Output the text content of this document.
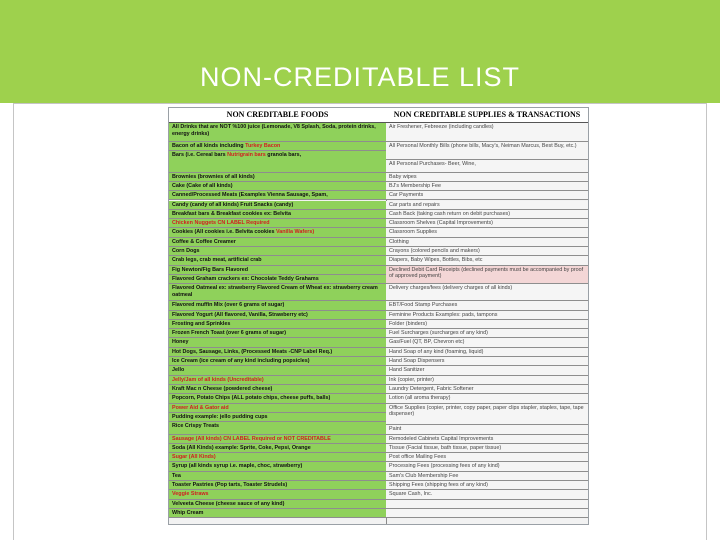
NON-CREDITABLE LIST
NON CREDITABLE FOODS
All Drinks that are NOT %100 juice (Lemonade, V8 Splash, Soda, protein drinks, energy drinks)
Bacon of all kinds including Turkey Bacon
Bars (i.e. Cereal bars Nutrigrain bars granola bars,
Brownies (brownies of all kinds)
Cake (Cake of all kinds)
Canned/Processed Meats (Examples Vienna Sausage, Spam,
Candy (candy of all kinds) Fruit Snacks (candy)
Breakfast bars & Breakfast cookies ex: Belvita
Chicken Nuggets CN LABEL Required
Cookies (All cookies i.e. Belvita cookies Vanilla Wafers)
Coffee & Coffee Creamer
Corn Dogs
Crab legs, crab meat, artificial crab
Fig Newton/Fig Bars Flavored
Flavored Graham crackers ex: Chocolate Teddy Grahams
Flavored Oatmeal ex: strawberry Flavored Cream of Wheat ex: strawberry cream oatmeal
Flavored muffin Mix (over 6 grams of sugar)
Flavored Yogurt (All flavored, Vanilla, Strawberry etc)
Frosting and Sprinkles
Frozen French Toast (over 6 grams of sugar)
Honey
Hot Dogs, Sausage, Links, (Processed Meats -CNP Label Req.)
Ice Cream (ice cream of any kind including popsicles)
Jello
Jelly/Jam of all kinds (Uncreditable)
Kraft Mac n Cheese (powdered cheese)
Popcorn, Potato Chips (ALL potato chips, cheese puffs, balls)
Power Aid & Gator aid
Pudding example: jello pudding cups
Rice Crispy Treats
Sausage (All kinds) CN LABEL Required or NOT CREDITABLE
Soda (All Kinds) example: Sprite, Coke, Pepsi, Orange
Sugar (All Kinds)
Syrup (all kinds syrup i.e. maple, choc, strawberry)
Tea
Toaster Pastries (Pop tarts, Toaster Strudels)
Veggie Straws
Velveeta Cheese (cheese sauce of any kind)
Whip Cream
NON CREDITABLE SUPPLIES & TRANSACTIONS
Air Freshener, Febreeze (including candles)
All Personal Monthly Bills (phone bills, Macy's, Neiman Marcus, Best Buy, etc.)
All Personal Purchases- Beer, Wine,
Baby wipes
BJ's Membership Fee
Car Payments
Car parts and repairs
Cash Back (taking cash return on debit purchases)
Classroom Shelves (Capital Improvements)
Classroom Supplies
Clothing
Crayons (colored pencils and makers)
Diapers, Baby Wipes, Bottles, Bibs, etc
Declined Debit Card Receipts (declined payments must be accompanied by proof of approved payment)
Delivery charges/fees (delivery charges of all kinds)
EBT/Food Stamp Purchases
Feminine Products Examples: pads, tampons
Folder (binders)
Fuel Surcharges (surcharges of any kind)
Gas/Fuel (QT, BP, Chevron etc)
Hand Soap of any kind (foaming, liquid)
Hand Soap Dispensers
Hand Sanitizer
Ink (copier, printer)
Laundry Detergent, Fabric Softener
Lotion (all aroma therapy)
Office Supplies (copier, printer, copy paper, paper clips stapler, staples, tape, tape dispenser)
Paint
Remodeled Cabinets Capital Improvements
Tissue (Facial tissue, bath tissue, paper tissue)
Post office Mailing Fees
Processing Fees (processing fees of any kind)
Sam's Club Membership Fee
Shipping Fees (shipping fees of any kind)
Square Cash, Inc.
